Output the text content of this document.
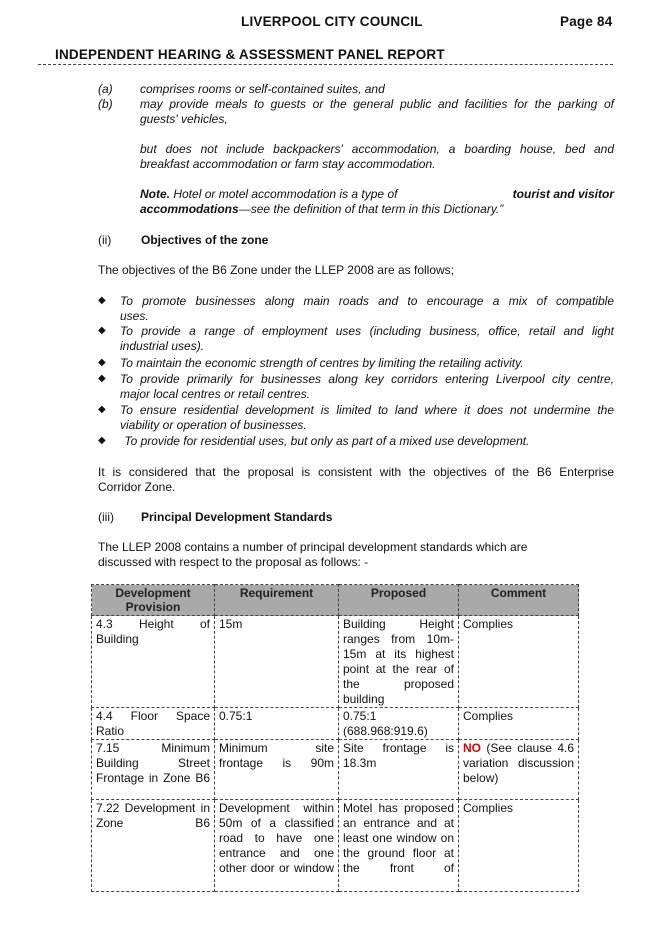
LIVERPOOL CITY COUNCIL	Page 84
INDEPENDENT HEARING & ASSESSMENT PANEL REPORT
(a) comprises rooms or self-contained suites, and
(b) may provide meals to guests or the general public and facilities for the parking of
guests' vehicles,
but does not include backpackers' accommodation, a boarding house, bed and
breakfast accommodation or farm stay accommodation.
Note. Hotel or motel accommodation is a type of	tourist and visitor
accommodations—see the definition of that term in this Dictionary.”
(ii) Objectives of the zone
The objectives of the B6 Zone under the LLEP 2008 are as follows;
◆ To promote businesses along main roads and to encourage a mix of compatible
uses.
◆ To provide a range of employment uses (including business, office, retail and light
industrial uses).
◆ To maintain the economic strength of centres by limiting the retailing activity.
◆ To provide primarily for businesses along key corridors entering Liverpool city centre,
major local centres or retail centres.
◆ To ensure residential development is limited to land where it does not undermine the
viability or operation of businesses.
◆ To provide for residential uses, but only as part of a mixed use development.
It is considered that the proposal is consistent with the objectives of the B6 Enterprise
Corridor Zone.
(iii) Principal Development Standards
The LLEP 2008 contains a number of principal development standards which are
discussed with respect to the proposal as follows: -
Development Provision	Requirement	Proposed	Comment
4.3 Height of Building	15m	Building Height ranges from 10m-15m at its highest point at the rear of the proposed building	Complies
4.4 Floor Space Ratio	0.75:1	0.75:1 (688.968:919.6)	Complies
7.15 Minimum Building Street Frontage in Zone B6	Minimum site frontage is 90m	Site frontage is 18.3m	NO (See clause 4.6 variation discussion below)
7.22 Development in Zone B6	Development within 50m of a classified road to have one entrance and one other door or window	Motel has proposed an entrance and at least one window on the ground floor at the front of	Complies
